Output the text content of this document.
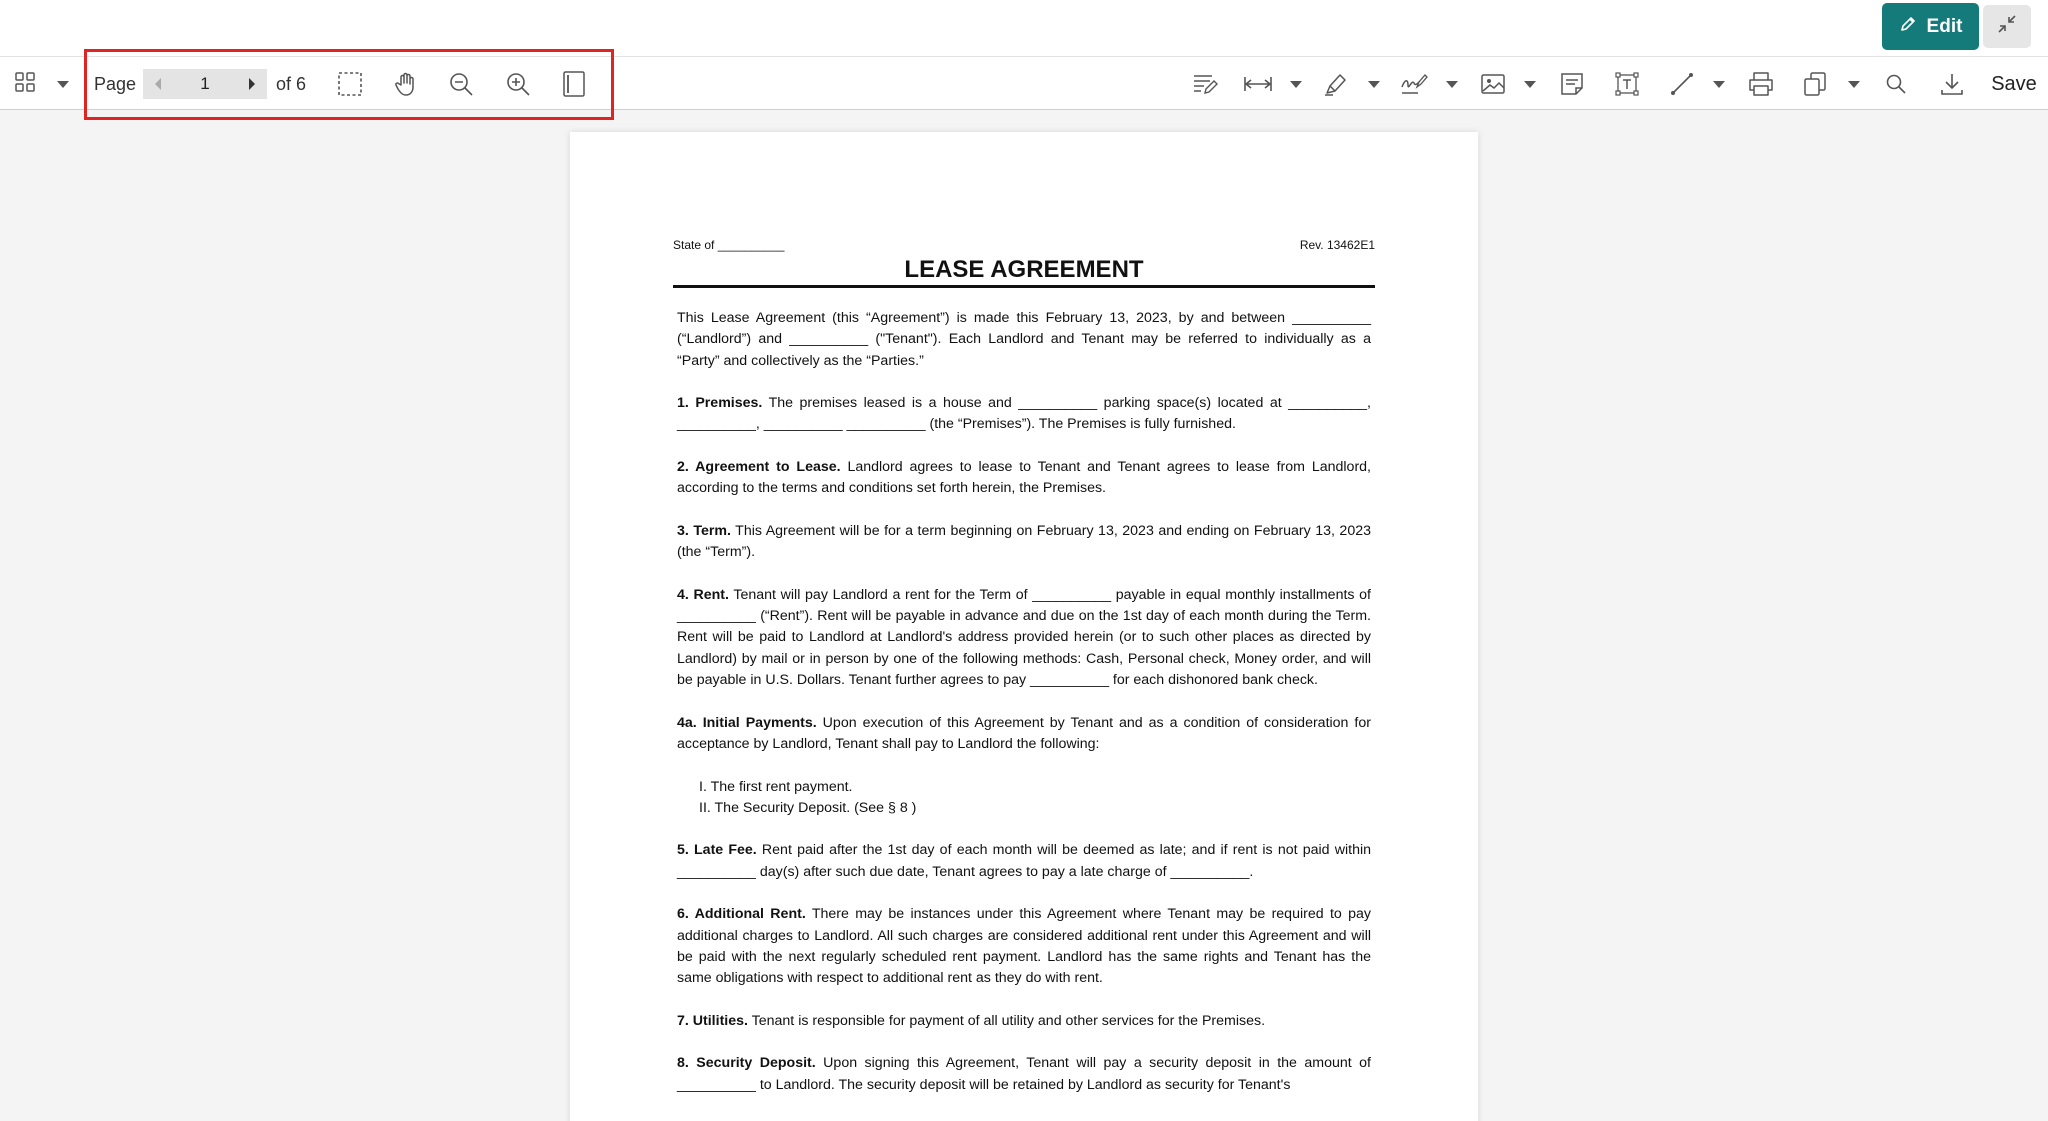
Edit
Page
1	of 6	Save
State of __________	Rev. 13462E1
LEASE AGREEMENT

This Lease Agreement (this “Agreement”) is made this February 13, 2023, by and between __________ (“Landlord”) and __________ ("Tenant"). Each Landlord and Tenant may be referred to individually as a “Party” and collectively as the “Parties.”

1. Premises. The premises leased is a house and __________ parking space(s) located at __________, __________, __________ __________ (the “Premises”). The Premises is fully furnished.

2. Agreement to Lease. Landlord agrees to lease to Tenant and Tenant agrees to lease from Landlord, according to the terms and conditions set forth herein, the Premises.

3. Term. This Agreement will be for a term beginning on February 13, 2023 and ending on February 13, 2023 (the “Term”).

4. Rent. Tenant will pay Landlord a rent for the Term of __________ payable in equal monthly installments of __________ (“Rent”). Rent will be payable in advance and due on the 1st day of each month during the Term. Rent will be paid to Landlord at Landlord's address provided herein (or to such other places as directed by Landlord) by mail or in person by one of the following methods: Cash, Personal check, Money order, and will be payable in U.S. Dollars. Tenant further agrees to pay __________ for each dishonored bank check.

4a. Initial Payments. Upon execution of this Agreement by Tenant and as a condition of consideration for acceptance by Landlord, Tenant shall pay to Landlord the following:

I. The first rent payment.
II. The Security Deposit. (See § 8 )

5. Late Fee. Rent paid after the 1st day of each month will be deemed as late; and if rent is not paid within __________ day(s) after such due date, Tenant agrees to pay a late charge of __________.

6. Additional Rent. There may be instances under this Agreement where Tenant may be required to pay additional charges to Landlord. All such charges are considered additional rent under this Agreement and will be paid with the next regularly scheduled rent payment. Landlord has the same rights and Tenant has the same obligations with respect to additional rent as they do with rent.

7. Utilities. Tenant is responsible for payment of all utility and other services for the Premises.

8. Security Deposit. Upon signing this Agreement, Tenant will pay a security deposit in the amount of __________ to Landlord. The security deposit will be retained by Landlord as security for Tenant's
